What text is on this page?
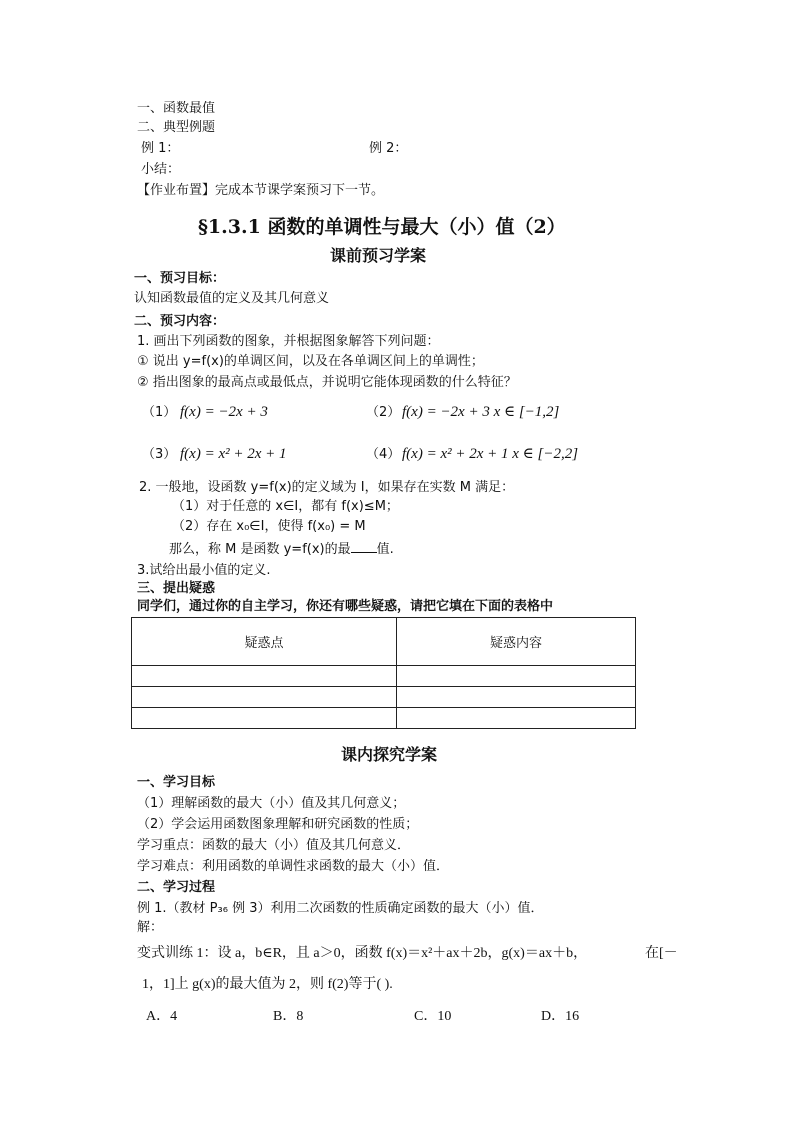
一、函数最值
二、典型例题
例 1：	例 2：
小结：
【作业布置】完成本节课学案预习下一节。
§1.3.1 函数的单调性与最大（小）值（2）
课前预习学案
一、预习目标：
认知函数最值的定义及其几何意义
二、预习内容：
1. 画出下列函数的图象，并根据图象解答下列问题：
① 说出 y=f(x)的单调区间，以及在各单调区间上的单调性；
② 指出图象的最高点或最低点，并说明它能体现函数的什么特征？
（1） f(x) = −2x + 3	（2） f(x) = −2x + 3 x ∈ [−1,2]
（3） f(x) = x² + 2x + 1	（4） f(x) = x² + 2x + 1 x ∈ [−2,2]
2. 一般地，设函数 y=f(x)的定义域为 I，如果存在实数 M 满足：
（1）对于任意的 x∈I，都有 f(x)≤M；
（2）存在 x₀∈I，使得 f(x₀) = M
那么，称 M 是函数 y=f(x)的最 值.
3.试给出最小值的定义.
三、提出疑惑
同学们，通过你的自主学习，你还有哪些疑惑，请把它填在下面的表格中
疑惑点	疑惑内容

课内探究学案
一、学习目标
（1）理解函数的最大（小）值及其几何意义；
（2）学会运用函数图象理解和研究函数的性质；
学习重点：函数的最大（小）值及其几何意义．
学习难点：利用函数的单调性求函数的最大（小）值．
二、学习过程
例 1.（教材 P₃₆ 例 3）利用二次函数的性质确定函数的最大（小）值．
解：
变式训练 1：设 a，b∈R，且 a＞0，函数 f(x)＝x²＋ax＋2b，g(x)＝ax＋b，	在[－
1，1]上 g(x)的最大值为 2，则 f(2)等于( ).
A．4	B．8	C．10	D．16
